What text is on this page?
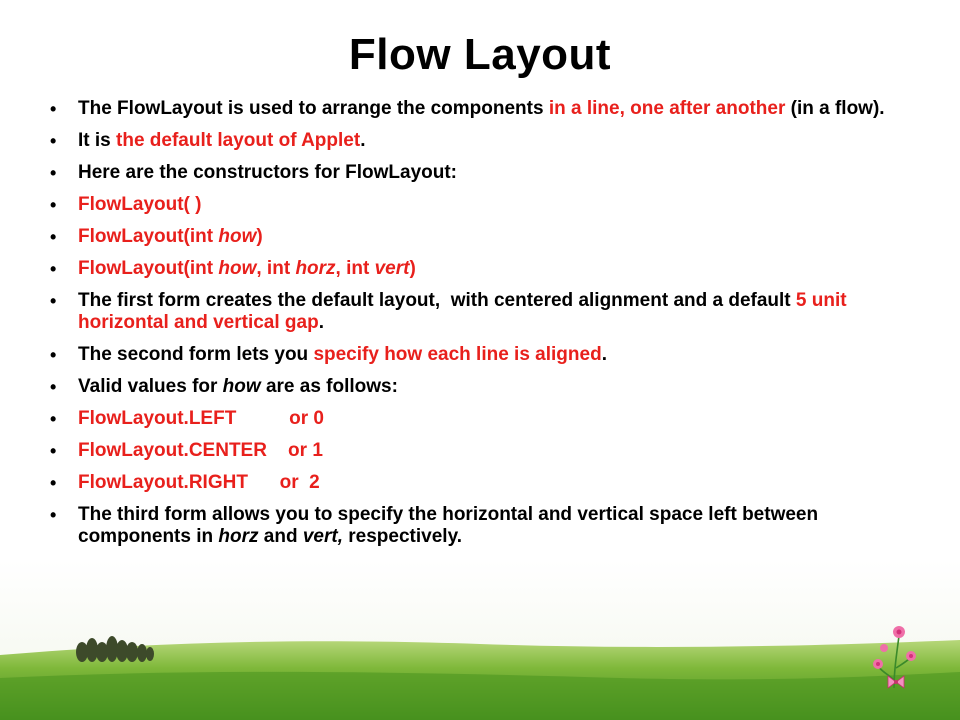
Flow Layout
• The FlowLayout is used to arrange the components in a line, one after another (in a flow).
• It is the default layout of Applet.
• Here are the constructors for FlowLayout:
• FlowLayout( )
• FlowLayout(int how)
• FlowLayout(int how, int horz, int vert)
• The first form creates the default layout,  with centered alignment and a default 5 unit horizontal and vertical gap.
• The second form lets you specify how each line is aligned.
• Valid values for how are as follows:
• FlowLayout.LEFT          or 0
• FlowLayout.CENTER    or 1
• FlowLayout.RIGHT      or  2
• The third form allows you to specify the horizontal and vertical space left between components in horz and vert, respectively.
